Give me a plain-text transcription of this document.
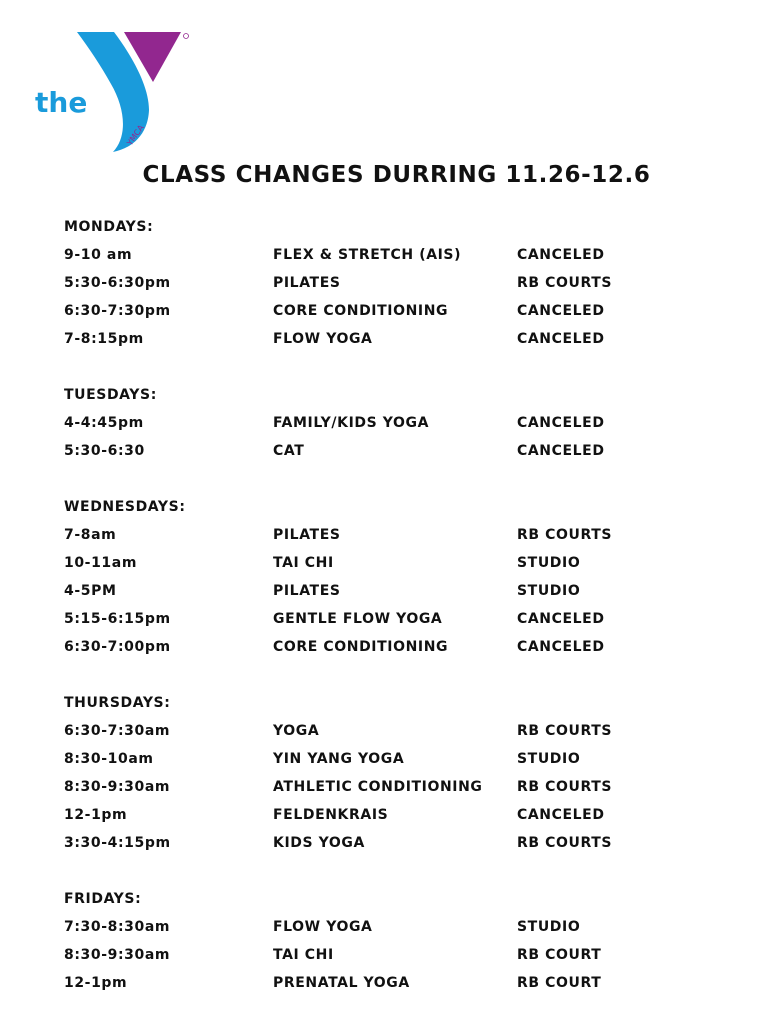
the
YMCA
CLASS CHANGES DURRING 11.26-12.6
MONDAYS:
9-10 am	FLEX & STRETCH (AIS)	CANCELED
5:30-6:30pm	PILATES	RB COURTS
6:30-7:30pm	CORE CONDITIONING	CANCELED
7-8:15pm	FLOW YOGA	CANCELED
TUESDAYS:
4-4:45pm	FAMILY/KIDS YOGA	CANCELED
5:30-6:30	CAT	CANCELED
WEDNESDAYS:
7-8am	PILATES	RB COURTS
10-11am	TAI CHI	STUDIO
4-5PM	PILATES	STUDIO
5:15-6:15pm	GENTLE FLOW YOGA	CANCELED
6:30-7:00pm	CORE CONDITIONING	CANCELED
THURSDAYS:
6:30-7:30am	YOGA	RB COURTS
8:30-10am	YIN YANG YOGA	STUDIO
8:30-9:30am	ATHLETIC CONDITIONING	RB COURTS
12-1pm	FELDENKRAIS	CANCELED
3:30-4:15pm	KIDS YOGA	RB COURTS
FRIDAYS:
7:30-8:30am	FLOW YOGA	STUDIO
8:30-9:30am	TAI CHI	RB COURT
12-1pm	PRENATAL YOGA	RB COURT
